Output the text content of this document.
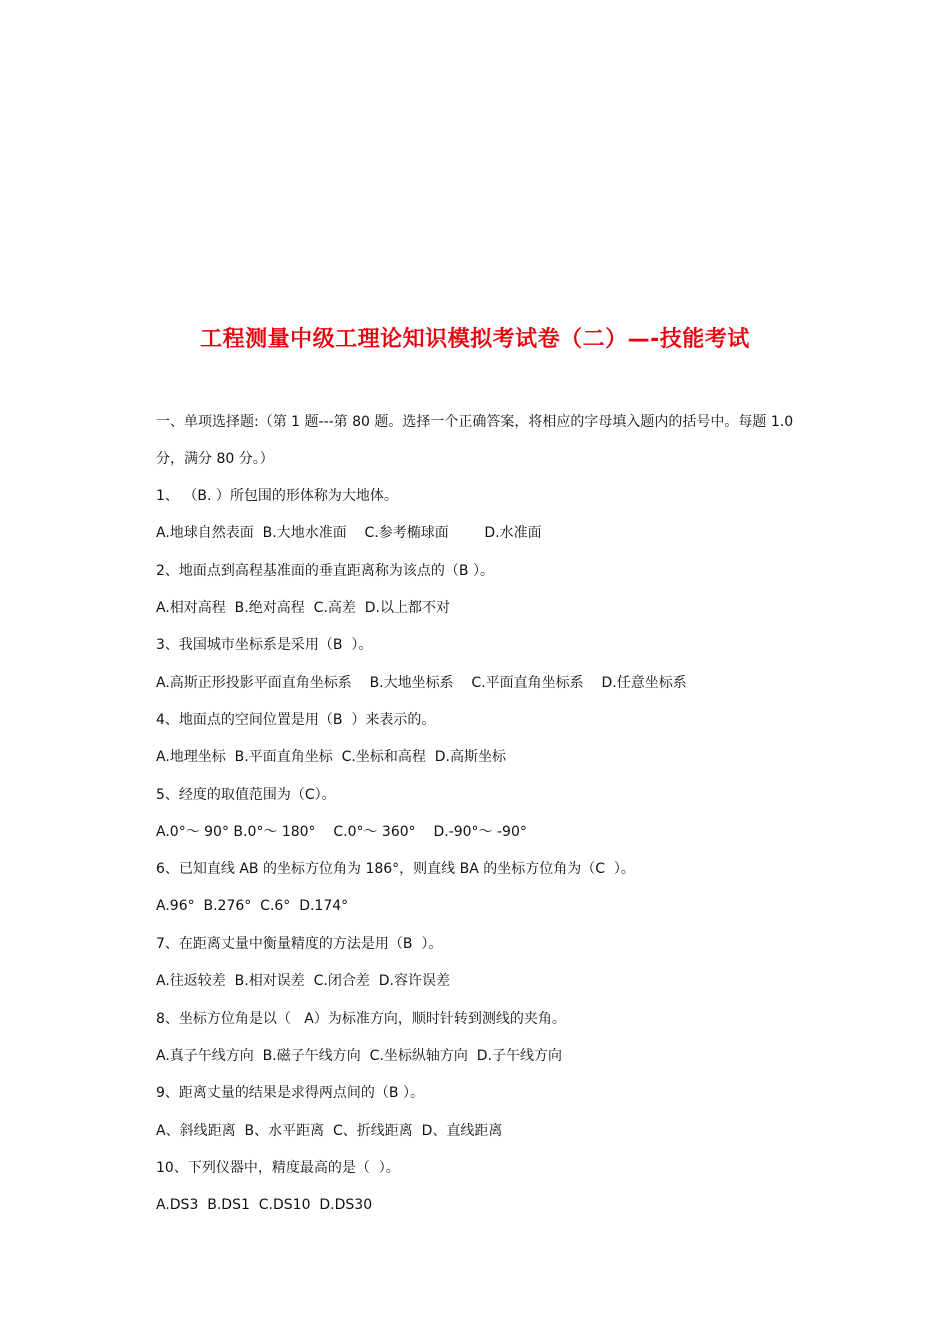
工程测量中级工理论知识模拟考试卷（二）—-技能考试
一、单项选择题:（第 1 题---第 80 题。选择一个正确答案，将相应的字母填入题内的括号中。每题 1.0
分，满分 80 分。）
1、 （B. ）所包围的形体称为大地体。
A.地球自然表面  B.大地水准面    C.参考椭球面        D.水准面
2、地面点到高程基准面的垂直距离称为该点的（B ）。
A.相对高程  B.绝对高程  C.高差  D.以上都不对
3、我国城市坐标系是采用（B  ）。
A.高斯正形投影平面直角坐标系    B.大地坐标系    C.平面直角坐标系    D.任意坐标系
4、地面点的空间位置是用（B  ）来表示的。
A.地理坐标  B.平面直角坐标  C.坐标和高程  D.高斯坐标
5、经度的取值范围为（C）。
A.0°～ 90° B.0°～ 180°    C.0°～ 360°    D.-90°～ -90°
6、已知直线 AB 的坐标方位角为 186°，则直线 BA 的坐标方位角为（C  ）。
A.96°  B.276°  C.6°  D.174°
7、在距离丈量中衡量精度的方法是用（B  ）。
A.往返较差  B.相对误差  C.闭合差  D.容许误差
8、坐标方位角是以（   A）为标准方向，顺时针转到测线的夹角。
A.真子午线方向  B.磁子午线方向  C.坐标纵轴方向  D.子午线方向
9、距离丈量的结果是求得两点间的（B ）。
A、斜线距离  B、水平距离  C、折线距离  D、直线距离
10、下列仪器中，精度最高的是（  ）。
A.DS3  B.DS1  C.DS10  D.DS30
